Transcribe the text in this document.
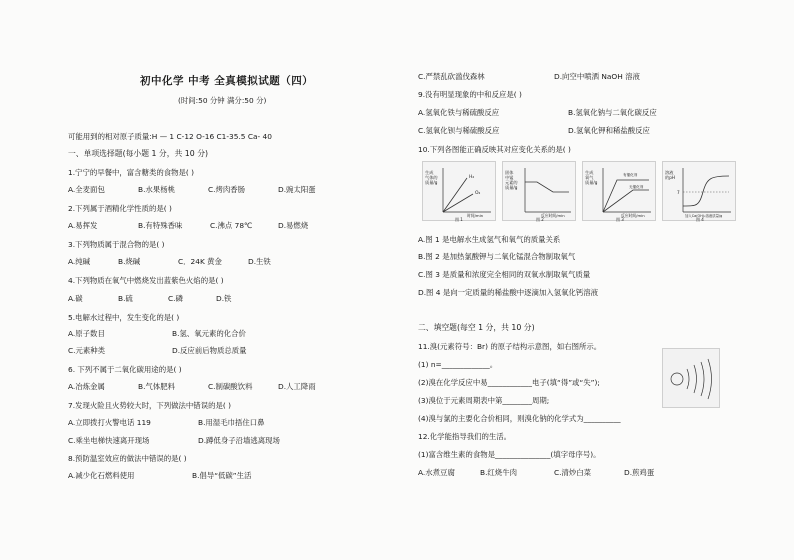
初中化学 中考 全真模拟试题（四）
(时间:50 分钟 满分:50 分)
可能用到的相对原子质量:H — 1 C-12 O-16 C1-35.5 Ca- 40
一、单项选择题(每小题 1 分，共 10 分)
1.宁宁的早餐中，富含糖类的食物是( )
A.全麦面包	B.水果杨桃	C.烤肉香肠	D.豌太阳蛋
2.下列属于酒精化学性质的是( )
A.易挥发	B.有特殊香味	C.沸点 78℃	D.易燃烧
3.下列物质属于混合物的是( )
A.纯碱	B.烧碱	C．24K 黄金	D.生铁
4.下列物质在氧气中燃烧发出蓝紫色火焰的是( )
A.碳	B.硫	C.磷	D.铁
5.电解水过程中，发生变化的是( )
A.原子数目	B.氢、氧元素的化合价
C.元素种类	D.反应前后物质总质量
6. 下列不属于二氧化碳用途的是( )
A.冶炼金属	B.气体肥料	C.制碳酸饮料	D.人工降雨
7.发现火险且火势较大时，下列做法中错误的是( )
A.立即拨打火警电话 119	B.用湿毛巾捂住口鼻
C.乘坐电梯快速离开现场	D.蹲低身子沿墙逃离现场
8.预防温室效应的做法中错误的是( )
A.减少化石燃料使用	B.倡导“低碳”生活
C.严禁乱砍滥伐森林	D.向空中喷洒 NaOH 溶液
9.没有明显现象的中和反应是( )
A.氢氧化铁与稀硫酸反应	B.氢氧化钠与二氧化碳反应
C.氢氧化钡与稀硫酸反应	D.氢氧化钾和稀盐酸反应
10.下列各图能正确反映其对应变化关系的是( )
生成
气体的
质量/g
H₂
O₂
时间/min
图 1
固体
中锰
元素的
质量/g
反应时间/min
图 2
生成
氧气
质量/g
无催化剂
有催化剂
反应时间/min
图 3
溶液
的pH
7
加入Ca(OH)₂溶液质量/g
图 4
A.图 1 是电解水生成氢气和氧气的质量关系
B.图 2 是加热氯酸钾与二氧化锰混合物制取氧气
C.图 3 是质量和浓度完全相同的双氧水制取氧气质量
D.图 4 是向一定质量的稀盐酸中逐滴加入氢氧化钙溶液
二、填空题(每空 1 分，共 10 分)
11.溴(元素符号：Br) 的原子结构示意图，如右图所示。
(1) n=_____________。
(2)溴在化学反应中易____________电子(填“得”或“失”);
(3)溴位于元素周期表中第________周期;
(4)溴与氯的主要化合价相同，则溴化钠的化学式为__________
12.化学能指导我们的生活。
(1)富含维生素的食物是_______________(填字母序号)。
A.水煮豆腐	B.红烧牛肉	C.清炒白菜	D.煎鸡蛋
